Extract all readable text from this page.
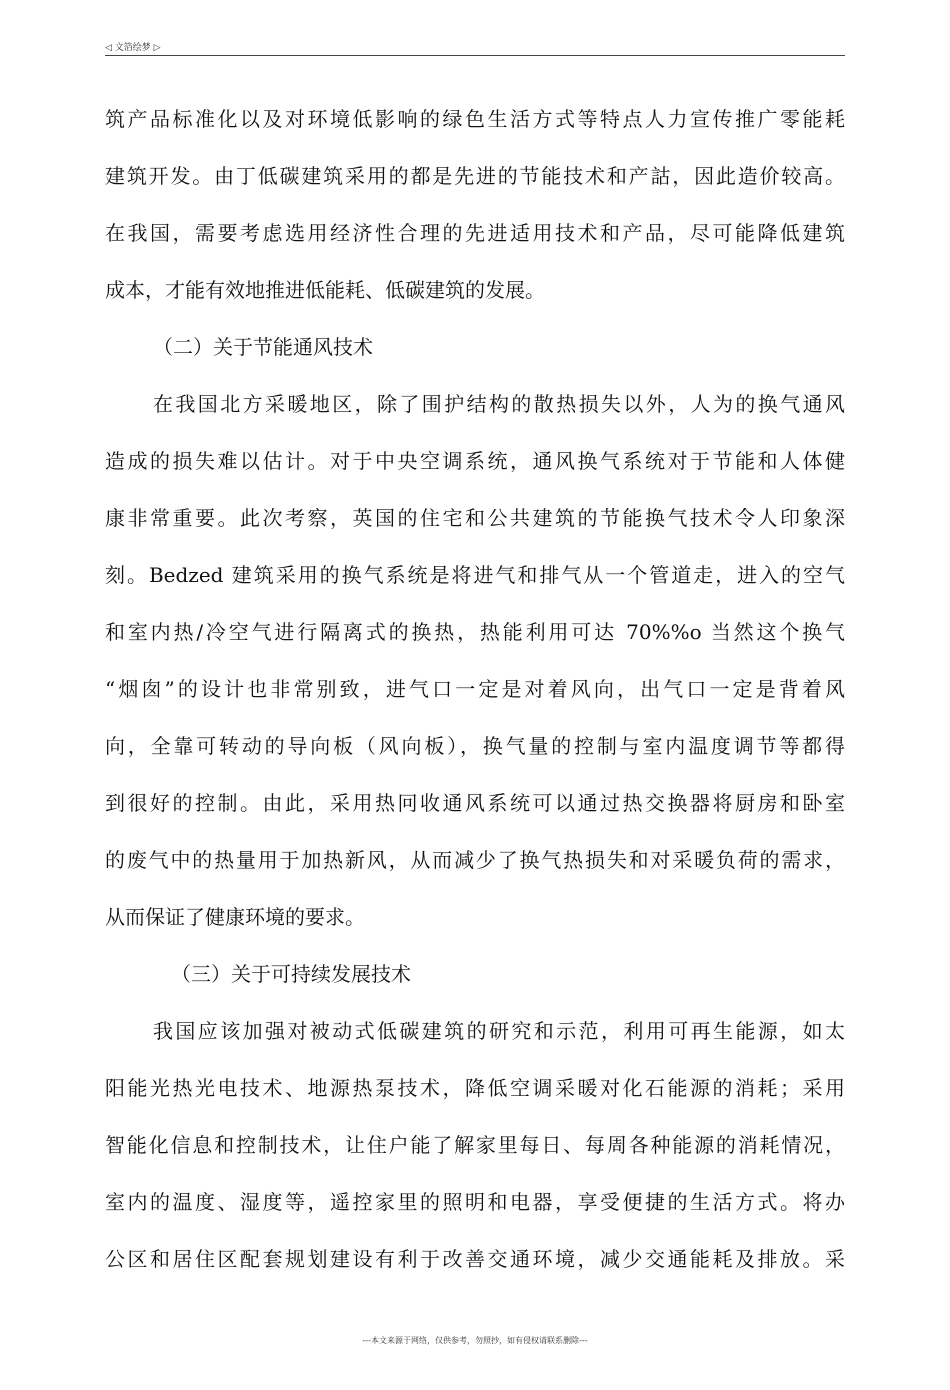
◁ 文箔绘梦 ▷
筑产品标准化以及对环境低影响的绿色生活方式等特点人力宣传推广零能耗
建筑开发。由丁低碳建筑采用的都是先进的节能技术和产詁，因此造价较高。
在我国，需要考虑选用经济性合理的先进适用技术和产品，尽可能降低建筑
成本，才能有效地推进低能耗、低碳建筑的发展。
（二）关于节能通风技术
在我国北方采暖地区，除了围护结构的散热损失以外，人为的换气通风
造成的损失难以估计。对于中央空调系统，通风换气系统对于节能和人体健
康非常重要。此次考察，英国的住宅和公共建筑的节能换气技术令人印象深
刻。Bedzed 建筑采用的换气系统是将进气和排气从一个管道走，进入的空气
和室内热/冷空气进行隔离式的换热，热能利用可达 70%%o 当然这个换气
“烟囱”的设计也非常别致，进气口一定是对着风向，出气口一定是背着风
向，全靠可转动的导向板（风向板），换气量的控制与室内温度调节等都得
到很好的控制。由此，采用热冋收通风系统可以通过热交换器将厨房和卧室
的废气中的热量用于加热新风，从而减少了换气热损失和对采暖负荷的需求，
从而保证了健康环境的要求。
（三）关于可持续发展技术
我国应该加强对被动式低碳建筑的研究和示范，利用可再生能源，如太
阳能光热光电技术、地源热泵技术，降低空调采暖对化石能源的消耗；采用
智能化信息和控制技术，让住户能了解家里每日、每周各种能源的消耗情况，
室内的温度、湿度等，遥控家里的照明和电器，享受便捷的生活方式。将办
公区和居住区配套规划建设有利于改善交通环境，减少交通能耗及排放。采
---本文来源于网络，仅供参考，勿照抄，如有侵权请联系删除---
